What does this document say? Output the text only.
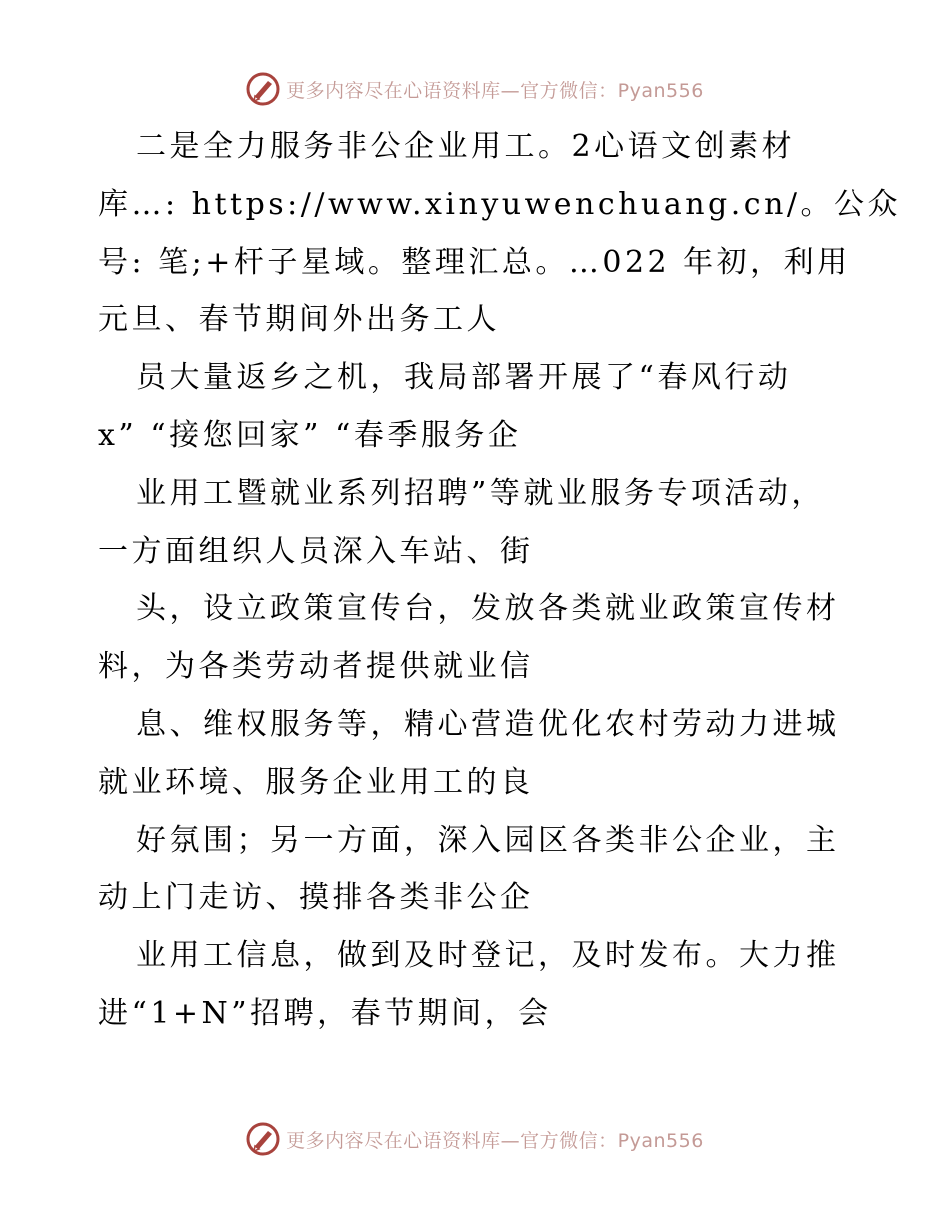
更多内容尽在心语资料库—官方微信：Pyan556
二是全力服务非公企业用工。2心语文创素材
库…: https://www.xinyuwenchuang.cn/。公众
号: 笔;+杆子星域。整理汇总。…022 年初，利用
元旦、春节期间外出务工人
员大量返乡之机，我局部署开展了“春风行动
x” “接您回家” “春季服务企
业用工暨就业系列招聘”等就业服务专项活动，
一方面组织人员深入车站、街
头，设立政策宣传台，发放各类就业政策宣传材
料，为各类劳动者提供就业信
息、维权服务等，精心营造优化农村劳动力进城
就业环境、服务企业用工的良
好氛围；另一方面，深入园区各类非公企业，主
动上门走访、摸排各类非公企
业用工信息，做到及时登记，及时发布。大力推
进“1+N”招聘，春节期间，会
更多内容尽在心语资料库—官方微信：Pyan556
